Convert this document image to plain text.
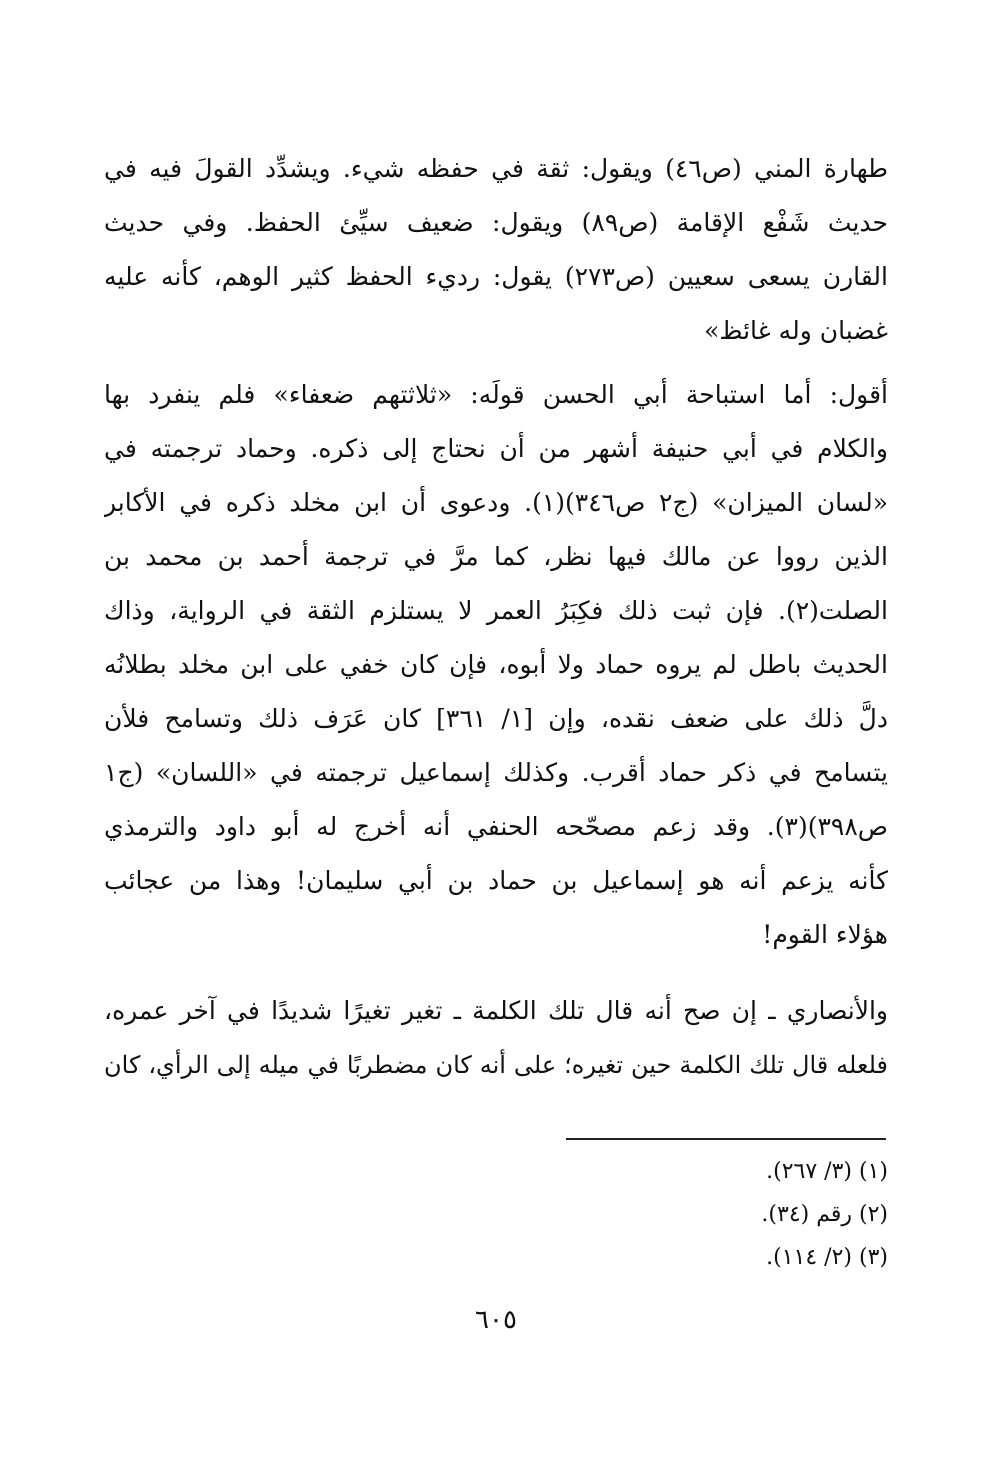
طهارة المني (ص٤٦) ويقول: ثقة في حفظه شيء. ويشدِّد القولَ فيه في
حديث شَفْع الإقامة (ص٨٩) ويقول: ضعيف سيِّئ الحفظ. وفي حديث
القارن يسعى سعيين (ص٢٧٣) يقول: رديء الحفظ كثير الوهم، كأنه عليه
غضبان وله غائظ»
أقول: أما استباحة أبي الحسن قولَه: «ثلاثتهم ضعفاء» فلم ينفرد بها
والكلام في أبي حنيفة أشهر من أن نحتاج إلى ذكره. وحماد ترجمته في
«لسان الميزان» (ج٢ ص٣٤٦)(١). ودعوى أن ابن مخلد ذكره في الأكابر
الذين رووا عن مالك فيها نظر، كما مرَّ في ترجمة أحمد بن محمد بن
الصلت(٢). فإن ثبت ذلك فكِبَرُ العمر لا يستلزم الثقة في الرواية، وذاك
الحديث باطل لم يروه حماد ولا أبوه، فإن كان خفي على ابن مخلد بطلانُه
دلَّ ذلك على ضعف نقده، وإن [١/ ٣٦١] كان عَرَف ذلك وتسامح فلأن
يتسامح في ذكر حماد أقرب. وكذلك إسماعيل ترجمته في «اللسان» (ج١
ص٣٩٨)(٣). وقد زعم مصحّحه الحنفي أنه أخرج له أبو داود والترمذي
كأنه يزعم أنه هو إسماعيل بن حماد بن أبي سليمان! وهذا من عجائب
هؤلاء القوم!
والأنصاري ـ إن صح أنه قال تلك الكلمة ـ تغير تغيرًا شديدًا في آخر عمره،
فلعله قال تلك الكلمة حين تغيره؛ على أنه كان مضطربًا في ميله إلى الرأي، كان
(١) (٣/ ٢٦٧).
(٢) رقم (٣٤).
(٣) (٢/ ١١٤).
٦٠٥
